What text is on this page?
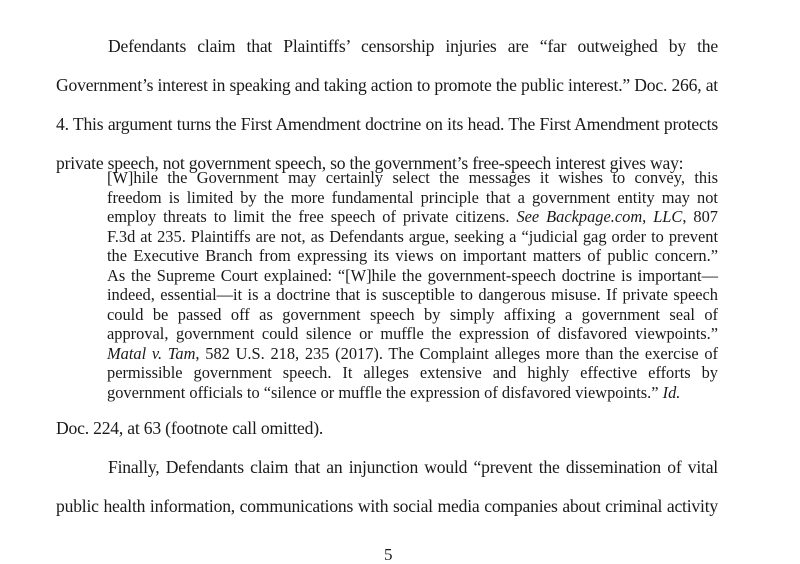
Defendants claim that Plaintiffs’ censorship injuries are “far outweighed by the
Government’s interest in speaking and taking action to promote the public interest.” Doc. 266, at
4. This argument turns the First Amendment doctrine on its head. The First Amendment protects
private speech, not government speech, so the government’s free-speech interest gives way:
[W]hile the Government may certainly select the messages it wishes to convey, this
freedom is limited by the more fundamental principle that a government entity may not
employ threats to limit the free speech of private citizens. See Backpage.com, LLC, 807
F.3d at 235. Plaintiffs are not, as Defendants argue, seeking a “judicial gag order to prevent
the Executive Branch from expressing its views on important matters of public concern.”
As the Supreme Court explained: “[W]hile the government-speech doctrine is important—
indeed, essential—it is a doctrine that is susceptible to dangerous misuse. If private speech
could be passed off as government speech by simply affixing a government seal of
approval, government could silence or muffle the expression of disfavored viewpoints.”
Matal v. Tam, 582 U.S. 218, 235 (2017). The Complaint alleges more than the exercise of
permissible government speech. It alleges extensive and highly effective efforts by
government officials to “silence or muffle the expression of disfavored viewpoints.” Id.
Doc. 224, at 63 (footnote call omitted).
Finally, Defendants claim that an injunction would “prevent the dissemination of vital
public health information, communications with social media companies about criminal activity
5
